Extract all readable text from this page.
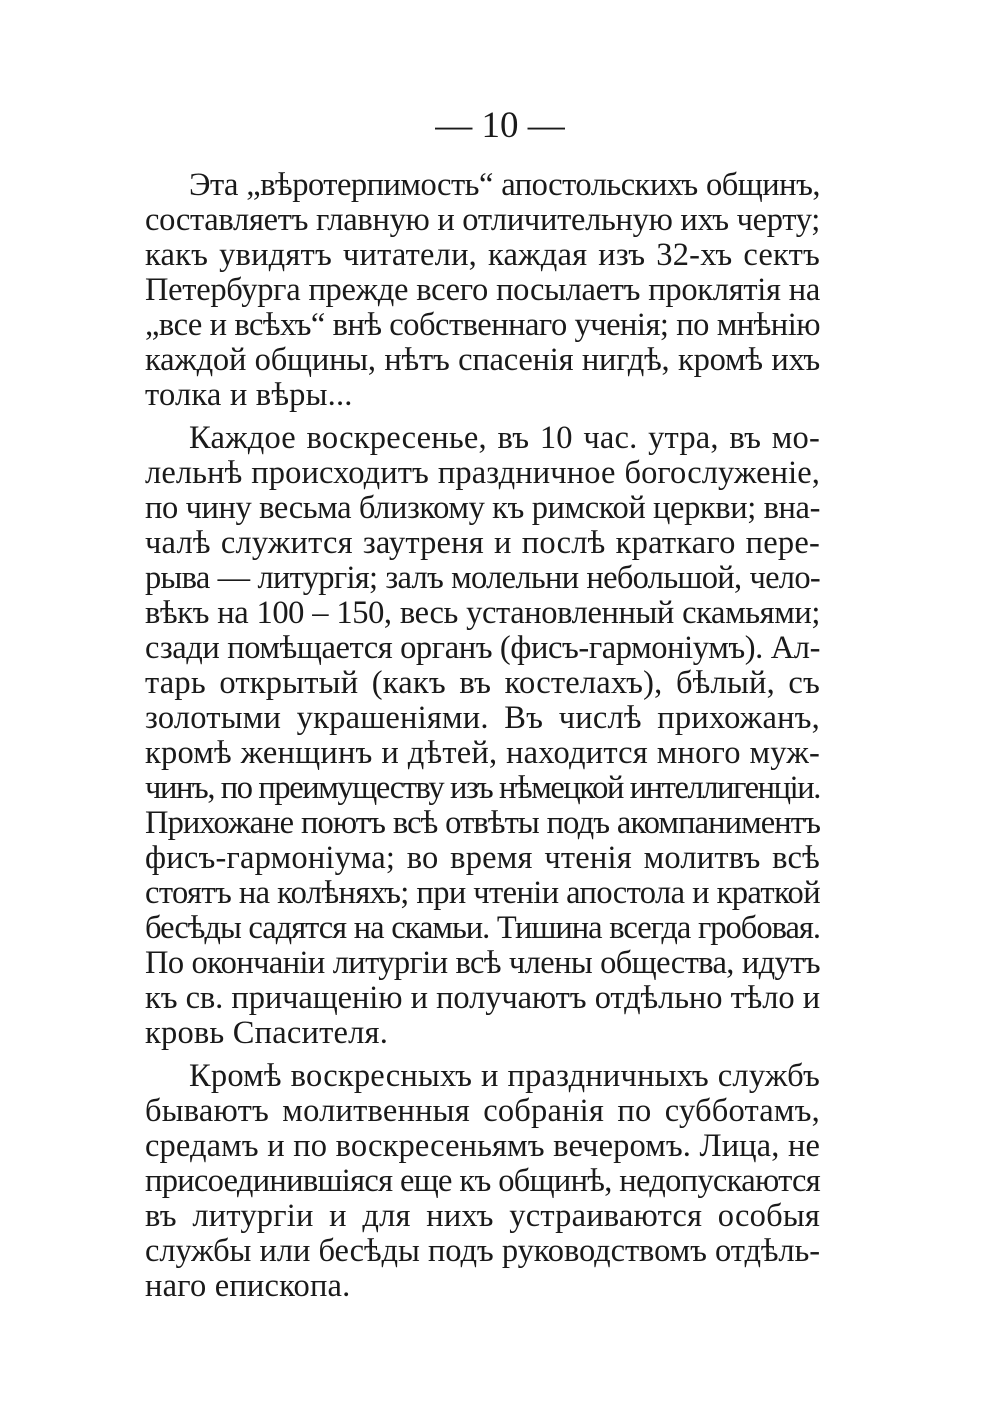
— 10 —
Эта „вѣротерпимость“ апостольскихъ общинъ,
составляетъ главную и отличительную ихъ черту;
какъ увидятъ читатели, каждая изъ 32-хъ сектъ
Петербурга прежде всего посылаетъ проклятія на
„все и всѣхъ“ внѣ собственнаго ученія; по мнѣнію
каждой общины, нѣтъ спасенія нигдѣ, кромѣ ихъ
толка и вѣры...
Каждое воскресенье, въ 10 час. утра, въ мо-
лельнѣ происходитъ праздничное богослуженіе,
по чину весьма близкому къ римской церкви; вна-
чалѣ служится заутреня и послѣ краткаго пере-
рыва — литургія; залъ молельни небольшой, чело-
вѣкъ на 100 – 150, весь установленный скамьями;
сзади помѣщается органъ (фисъ-гармоніумъ). Ал-
тарь открытый (какъ въ костелахъ), бѣлый, съ
золотыми украшеніями. Въ числѣ прихожанъ,
кромѣ женщинъ и дѣтей, находится много муж-
чинъ, по преимуществу изъ нѣмецкой интеллигенціи.
Прихожане поютъ всѣ отвѣты подъ акомпаниментъ
фисъ-гармоніума; во время чтенія молитвъ всѣ
стоятъ на колѣняхъ; при чтеніи апостола и краткой
бесѣды садятся на скамьи. Тишина всегда гробовая.
По окончаніи литургіи всѣ члены общества, идутъ
къ св. причащенію и получаютъ отдѣльно тѣло и
кровь Спасителя.
Кромѣ воскресныхъ и праздничныхъ службъ
бываютъ молитвенныя собранія по субботамъ,
средамъ и по воскресеньямъ вечеромъ. Лица, не
присоединившіяся еще къ общинѣ, недопускаются
въ литургіи и для нихъ устраиваются особыя
службы или бесѣды подъ руководствомъ отдѣль-
наго епископа.
